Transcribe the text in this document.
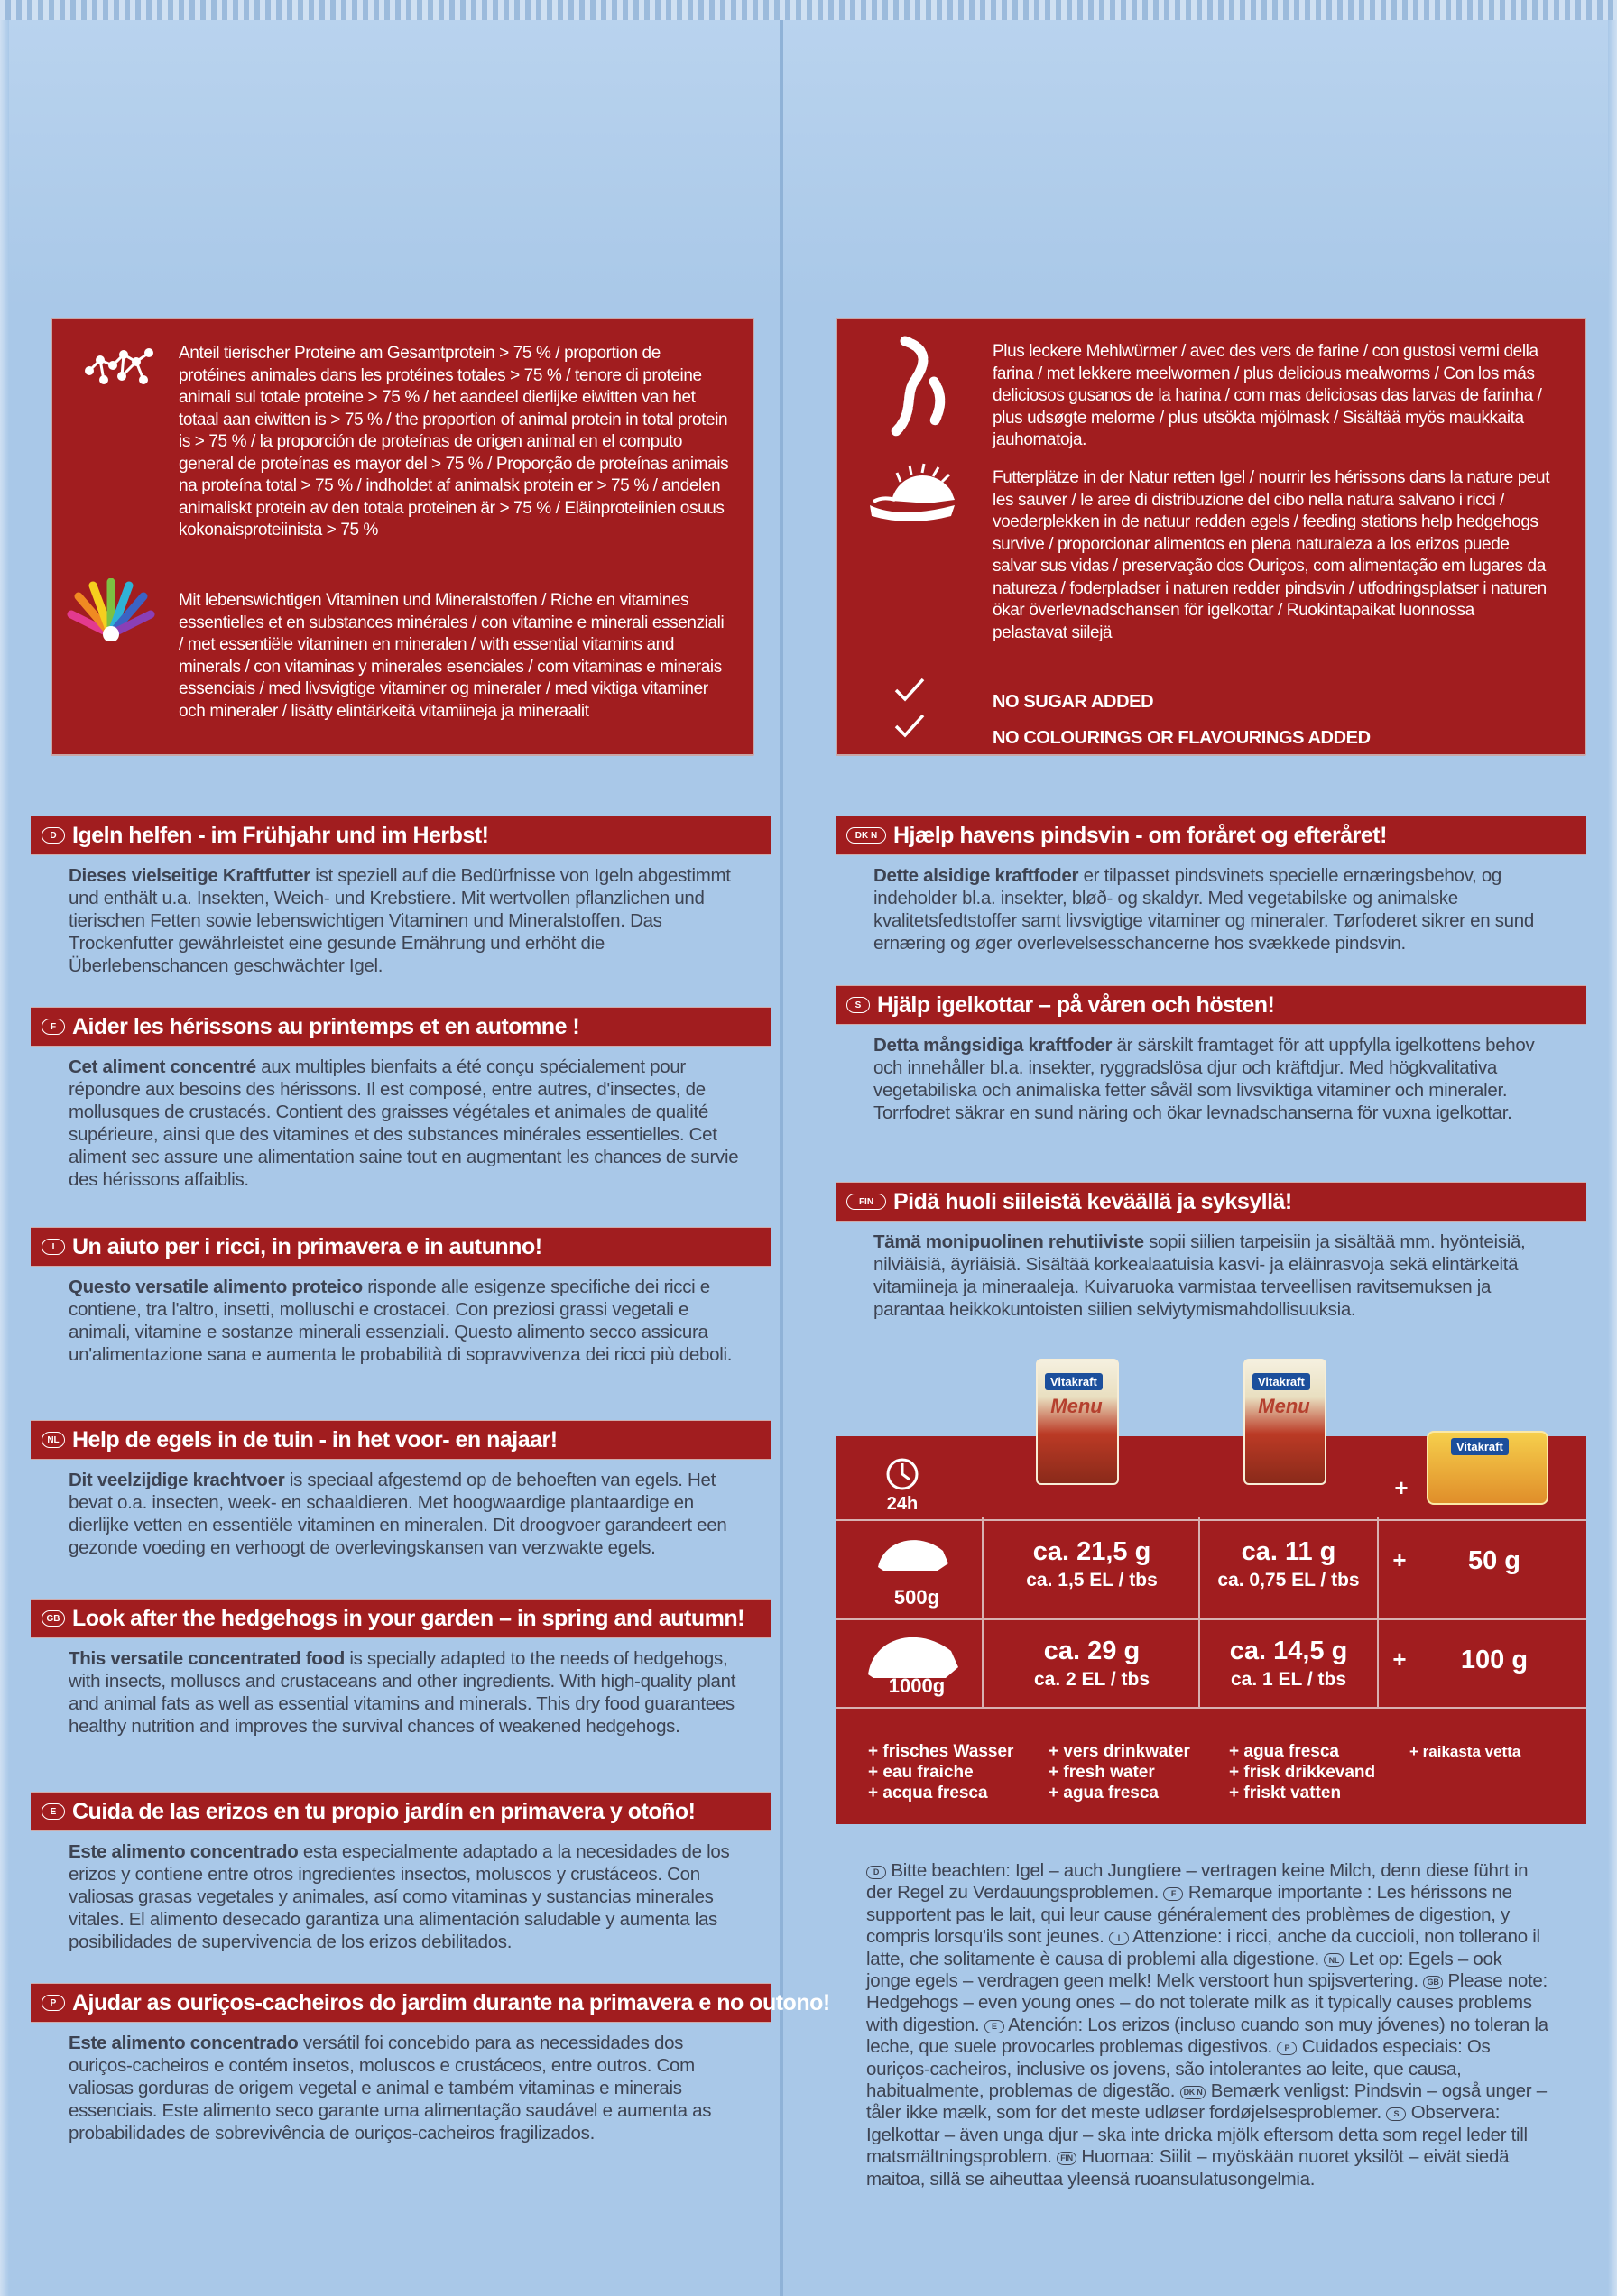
Anteil tierischer Proteine am Gesamtprotein > 75 % / proportion de protéines animales dans les protéines totales > 75 % / tenore di proteine animali sul totale proteine > 75 % / het aandeel dierlijke eiwitten van het totaal aan eiwitten is > 75 % / the proportion of animal protein in total protein is > 75 % / la proporción de proteínas de origen animal en el computo general de proteínas es mayor del > 75 % / Proporção de proteínas animais na proteína total > 75 % / indholdet af animalsk protein er > 75 % / andelen animaliskt protein av den totala proteinen är > 75 % / Eläinproteiinien osuus kokonaisproteiinista > 75 %

Mit lebenswichtigen Vitaminen und Mineralstoffen / Riche en vitamines essentielles et en substances minérales / con vitamine e minerali essenziali / met essentiële vitaminen en mineralen / with essential vitamins and minerals / con vitaminas y minerales esenciales / com vitaminas e minerais essenciais / med livsvigtige vitaminer og mineraler / med viktiga vitaminer och mineraler / lisätty elintärkeitä vitamiineja ja mineraalit

Plus leckere Mehlwürmer / avec des vers de farine / con gustosi vermi della farina / met lekkere meelwormen / plus delicious mealworms / Con los más deliciosos gusanos de la harina / com mas deliciosas das larvas de farinha / plus udsøgte melorme / plus utsökta mjölmask / Sisältää myös maukkaita jauhomatoja.

Futterplätze in der Natur retten Igel / nourrir les hérissons dans la nature peut les sauver / le aree di distribuzione del cibo nella natura salvano i ricci / voederplekken in de natuur redden egels / feeding stations help hedgehogs survive / proporcionar alimentos en plena naturaleza a los erizos puede salvar sus vidas / preservação dos Ouriços, com alimentação em lugares da natureza / foderpladser i naturen redder pindsvin / utfodringsplatser i naturen ökar överlevnadschansen för igelkottar / Ruokintapaikat luonnossa pelastavat siilejä

NO SUGAR ADDED

NO COLOURINGS OR FLAVOURINGS ADDED

D Igeln helfen - im Frühjahr und im Herbst!
Dieses vielseitige Kraftfutter ist speziell auf die Bedürfnisse von Igeln abgestimmt und enthält u.a. Insekten, Weich- und Krebstiere. Mit wertvollen pflanzlichen und tierischen Fetten sowie lebenswichtigen Vitaminen und Mineralstoffen. Das Trockenfutter gewährleistet eine gesunde Ernährung und erhöht die Überlebenschancen geschwächter Igel.
F Aider les hérissons au printemps et en automne !
Cet aliment concentré aux multiples bienfaits a été conçu spécialement pour répondre aux besoins des hérissons. Il est composé, entre autres, d'insectes, de mollusques de crustacés. Contient des graisses végétales et animales de qualité supérieure, ainsi que des vitamines et des substances minérales essentielles. Cet aliment sec assure une alimentation saine tout en augmentant les chances de survie des hérissons affaiblis.
I Un aiuto per i ricci, in primavera e in autunno!
Questo versatile alimento proteico risponde alle esigenze specifiche dei ricci e contiene, tra l'altro, insetti, molluschi e crostacei. Con preziosi grassi vegetali e animali, vitamine e sostanze minerali essenziali. Questo alimento secco assicura un'alimentazione sana e aumenta le probabilità di sopravvivenza dei ricci più deboli.
NL Help de egels in de tuin - in het voor- en najaar!
Dit veelzijdige krachtvoer is speciaal afgestemd op de behoeften van egels. Het bevat o.a. insecten, week- en schaaldieren. Met hoogwaardige plantaardige en dierlijke vetten en essentiële vitaminen en mineralen. Dit droogvoer garandeert een gezonde voeding en verhoogt de overlevingskansen van verzwakte egels.
GB Look after the hedgehogs in your garden – in spring and autumn!
This versatile concentrated food is specially adapted to the needs of hedgehogs, with insects, molluscs and crustaceans and other ingredients. With high-quality plant and animal fats as well as essential vitamins and minerals. This dry food guarantees healthy nutrition and improves the survival chances of weakened hedgehogs.
E Cuida de las erizos en tu propio jardín en primavera y otoño!
Este alimento concentrado esta especialmente adaptado a la necesidades de los erizos y contiene entre otros ingredientes insectos, moluscos y crustáceos. Con valiosas grasas vegetales y animales, así como vitaminas y sustancias minerales vitales. El alimento desecado garantiza una alimentación saludable y aumenta las posibilidades de supervivencia de los erizos debilitados.
P Ajudar as ouriços-cacheiros do jardim durante na primavera e no outono!
Este alimento concentrado versátil foi concebido para as necessidades dos ouriços-cacheiros e contém insetos, moluscos e crustáceos, entre outros. Com valiosas gorduras de origem vegetal e animal e também vitaminas e minerais essenciais. Este alimento seco garante uma alimentação saudável e aumenta as probabilidades de sobrevivência de ouriços-cacheiros fragilizados.
DK N Hjælp havens pindsvin - om foråret og efteråret!
Dette alsidige kraftfoder er tilpasset pindsvinets specielle ernæringsbehov, og indeholder bl.a. insekter, bløð- og skaldyr. Med vegetabilske og animalske kvalitetsfedtstoffer samt livsvigtige vitaminer og mineraler. Tørfoderet sikrer en sund ernæring og øger overlevelsesschancerne hos svækkede pindsvin.
S Hjälp igelkottar – på våren och hösten!
Detta mångsidiga kraftfoder är särskilt framtaget för att uppfylla igelkottens behov och innehåller bl.a. insekter, ryggradslösa djur och kräftdjur. Med högkvalitativa vegetabiliska och animaliska fetter såväl som livsviktiga vitaminer och mineraler. Torrfodret säkrar en sund näring och ökar levnadschanserna för vuxna igelkottar.
FIN Pidä huoli siileistä keväällä ja syksyllä!
Tämä monipuolinen rehutiiviste sopii siilien tarpeisiin ja sisältää mm. hyönteisiä, nilviäisiä, äyriäisiä. Sisältää korkealaatuisia kasvi- ja eläinrasvoja sekä elintärkeitä vitamiineja ja mineraaleja. Kuivaruoka varmistaa terveellisen ravitsemuksen ja parantaa heikkokuntoisten siilien selviytymismahdollisuuksia.
24h
Vitakraft
Menu
Vitakraft
Menu
+
Vitakraft
500g
ca. 21,5 g
ca. 1,5 EL / tbs
ca. 11 g
ca. 0,75 EL / tbs
+	50 g
1000g
ca. 29 g
ca. 2 EL / tbs
ca. 14,5 g
ca. 1 EL / tbs
+	100 g
+ frisches Wasser
+ eau fraiche
+ acqua fresca
+ vers drinkwater
+ fresh water
+ agua fresca
+ agua fresca
+ frisk drikkevand
+ friskt vatten
+ raikasta vetta
D Bitte beachten: Igel – auch Jungtiere – vertragen keine Milch, denn diese führt in der Regel zu Verdauungsproblemen. F Remarque importante : Les hérissons ne supportent pas le lait, qui leur cause généralement des problèmes de digestion, y compris lorsqu'ils sont jeunes. I Attenzione: i ricci, anche da cuccioli, non tollerano il latte, che solitamente è causa di problemi alla digestione. NL Let op: Egels – ook jonge egels – verdragen geen melk! Melk verstoort hun spijsvertering. GB Please note: Hedgehogs – even young ones – do not tolerate milk as it typically causes problems with digestion. E Atención: Los erizos (incluso cuando son muy jóvenes) no toleran la leche, que suele provocarles problemas digestivos. P Cuidados especiais: Os ouriços-cacheiros, inclusive os jovens, são intolerantes ao leite, que causa, habitualmente, problemas de digestão. DK N Bemærk venligst: Pindsvin – også unger – tåler ikke mælk, som for det meste udløser fordøjelsesproblemer. S Observera: Igelkottar – även unga djur – ska inte dricka mjölk eftersom detta som regel leder till matsmältningsproblem. FIN Huomaa: Siilit – myöskään nuoret yksilöt – eivät siedä maitoa, sillä se aiheuttaa yleensä ruoansulatusongelmia.
